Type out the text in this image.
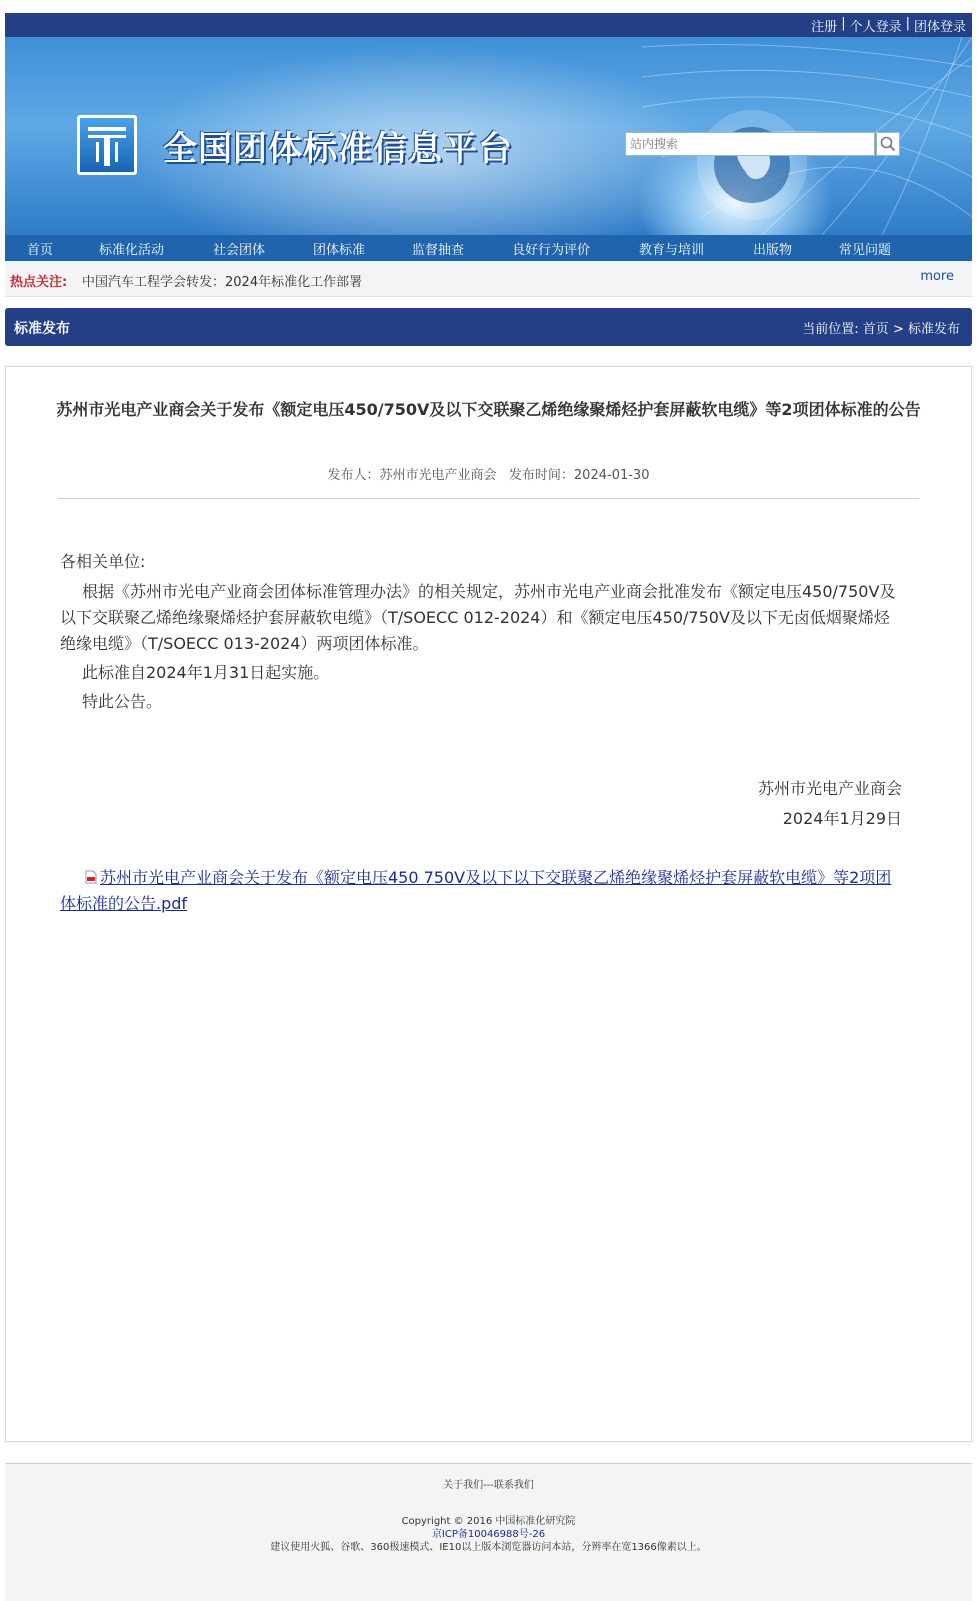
注册 | 个人登录 | 团体登录
全国团体标准信息平台
站内搜索
首页	标准化活动	社会团体	团体标准	监督抽查	良好行为评价	教育与培训	出版物	常见问题
热点关注: 中国汽车工程学会转发：2024年标准化工作部署	more
标准发布	当前位置: 首页 > 标准发布
苏州市光电产业商会关于发布《额定电压450/750V及以下交联聚乙烯绝缘聚烯烃护套屏蔽软电缆》等2项团体标准的公告
发布人：苏州市光电产业商会   发布时间：2024-01-30
各相关单位:
根据《苏州市光电产业商会团体标准管理办法》的相关规定，苏州市光电产业商会批准发布《额定电压450/750V及以下交联聚乙烯绝缘聚烯烃护套屏蔽软电缆》（T/SOECC 012-2024）和《额定电压450/750V及以下无卤低烟聚烯烃绝缘电缆》（T/SOECC 013-2024）两项团体标准。
此标准自2024年1月31日起实施。
特此公告。
苏州市光电产业商会
2024年1月29日
苏州市光电产业商会关于发布《额定电压450 750V及以下以下交联聚乙烯绝缘聚烯烃护套屏蔽软电缆》等2项团体标准的公告.pdf
关于我们---联系我们
Copyright © 2016 中国标准化研究院
京ICP备10046988号-26
建议使用火狐、谷歌、360极速模式、IE10以上版本浏览器访问本站，分辨率在宽1366像素以上。
